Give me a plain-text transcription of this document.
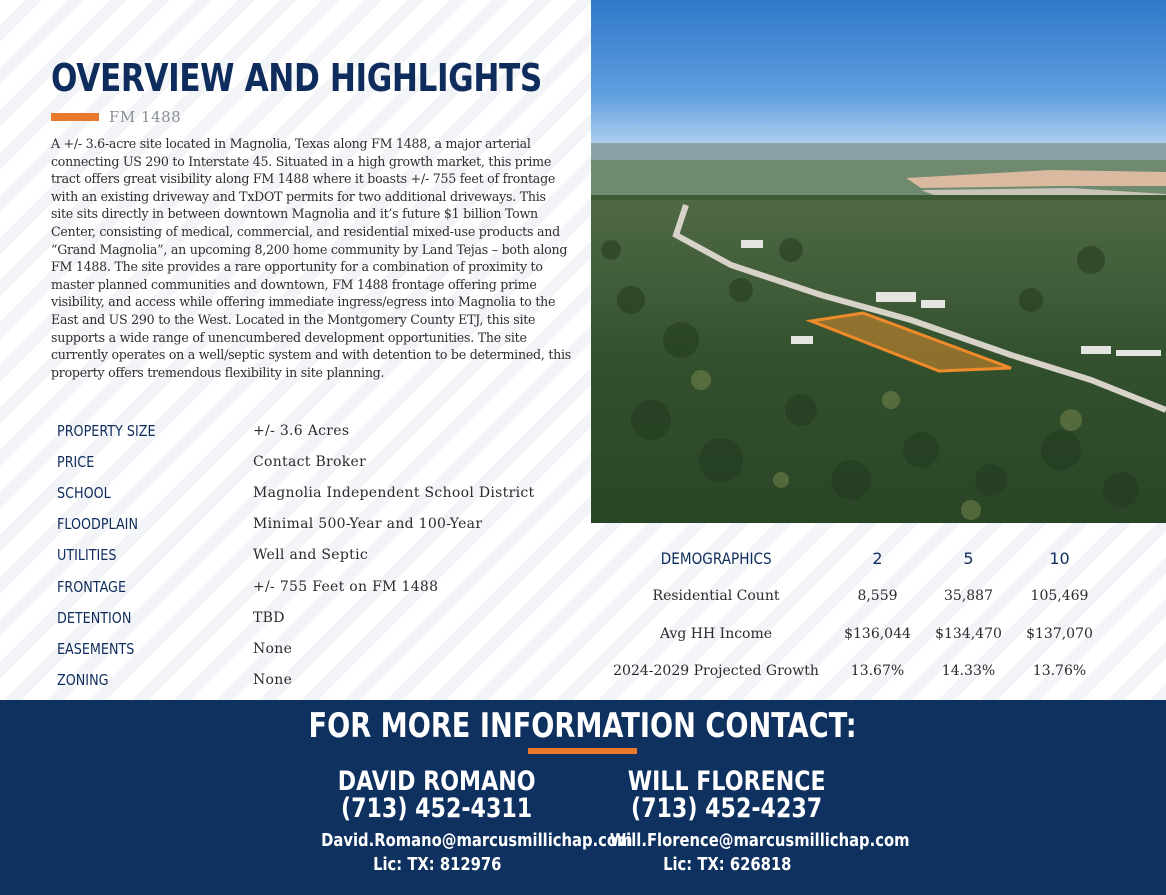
OVERVIEW AND HIGHLIGHTS
FM 1488

A +/- 3.6-acre site located in Magnolia, Texas along FM 1488, a major arterial connecting US 290 to Interstate 45. Situated in a high growth market, this prime tract offers great visibility along FM 1488 where it boasts +/- 755 feet of frontage with an existing driveway and TxDOT permits for two additional driveways. This site sits directly in between downtown Magnolia and it’s future $1 billion Town Center, consisting of medical, commercial, and residential mixed-use products and “Grand Magnolia”, an upcoming 8,200 home community by Land Tejas – both along FM 1488. The site provides a rare opportunity for a combination of proximity to master planned communities and downtown, FM 1488 frontage offering prime visibility, and access while offering immediate ingress/egress into Magnolia to the East and US 290 to the West. Located in the Montgomery County ETJ, this site supports a wide range of unencumbered development opportunities. The site currently operates on a well/septic system and with detention to be determined, this property offers tremendous flexibility in site planning.

PROPERTY SIZE	+/- 3.6 Acres
PRICE	Contact Broker
SCHOOL	Magnolia Independent School District
FLOODPLAIN	Minimal 500-Year and 100-Year
UTILITIES	Well and Septic
FRONTAGE	+/- 755 Feet on FM 1488
DETENTION	TBD
EASEMENTS	None
ZONING	None
DEMOGRAPHICS	2	5	10
Residential Count	8,559	35,887	105,469
Avg HH Income	$136,044	$134,470	$137,070
2024-2029 Projected Growth	13.67%	14.33%	13.76%
FOR MORE INFORMATION CONTACT:
DAVID ROMANO
(713) 452-4311
David.Romano@marcusmillichap.com
Lic: TX: 812976
WILL FLORENCE
(713) 452-4237
Will.Florence@marcusmillichap.com
Lic: TX: 626818
